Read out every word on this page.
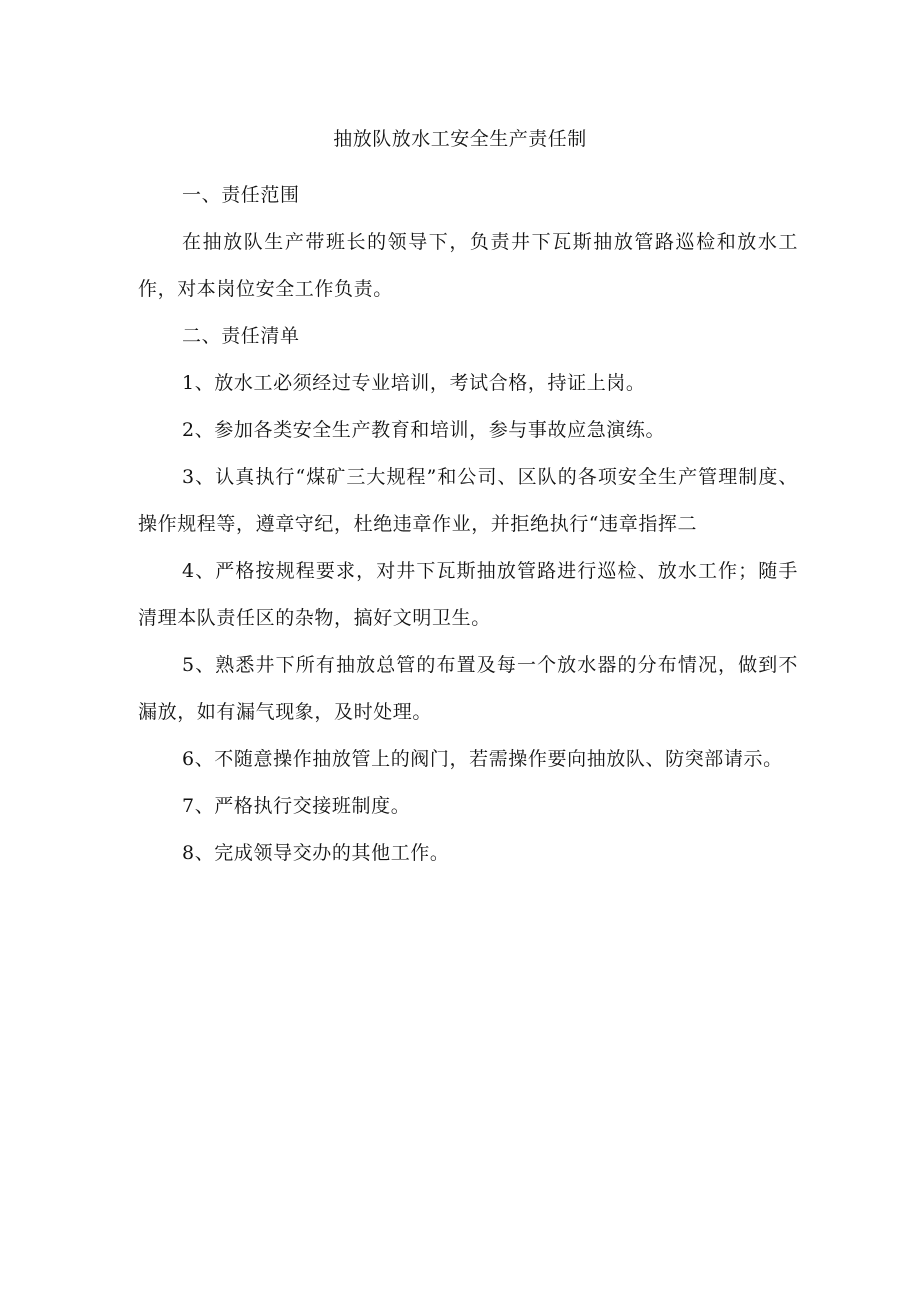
抽放队放水工安全生产责任制

一、责任范围

在抽放队生产带班长的领导下，负责井下瓦斯抽放管路巡检和放水工作，对本岗位安全工作负责。

二、责任清单

1、放水工必须经过专业培训，考试合格，持证上岗。

2、参加各类安全生产教育和培训，参与事故应急演练。

3、认真执行“煤矿三大规程”和公司、区队的各项安全生产管理制度、操作规程等，遵章守纪，杜绝违章作业，并拒绝执行“违章指挥二

4、严格按规程要求，对井下瓦斯抽放管路进行巡检、放水工作；随手清理本队责任区的杂物，搞好文明卫生。

5、熟悉井下所有抽放总管的布置及每一个放水器的分布情况，做到不漏放，如有漏气现象，及时处理。

6、不随意操作抽放管上的阀门，若需操作要向抽放队、防突部请示。

7、严格执行交接班制度。

8、完成领导交办的其他工作。
